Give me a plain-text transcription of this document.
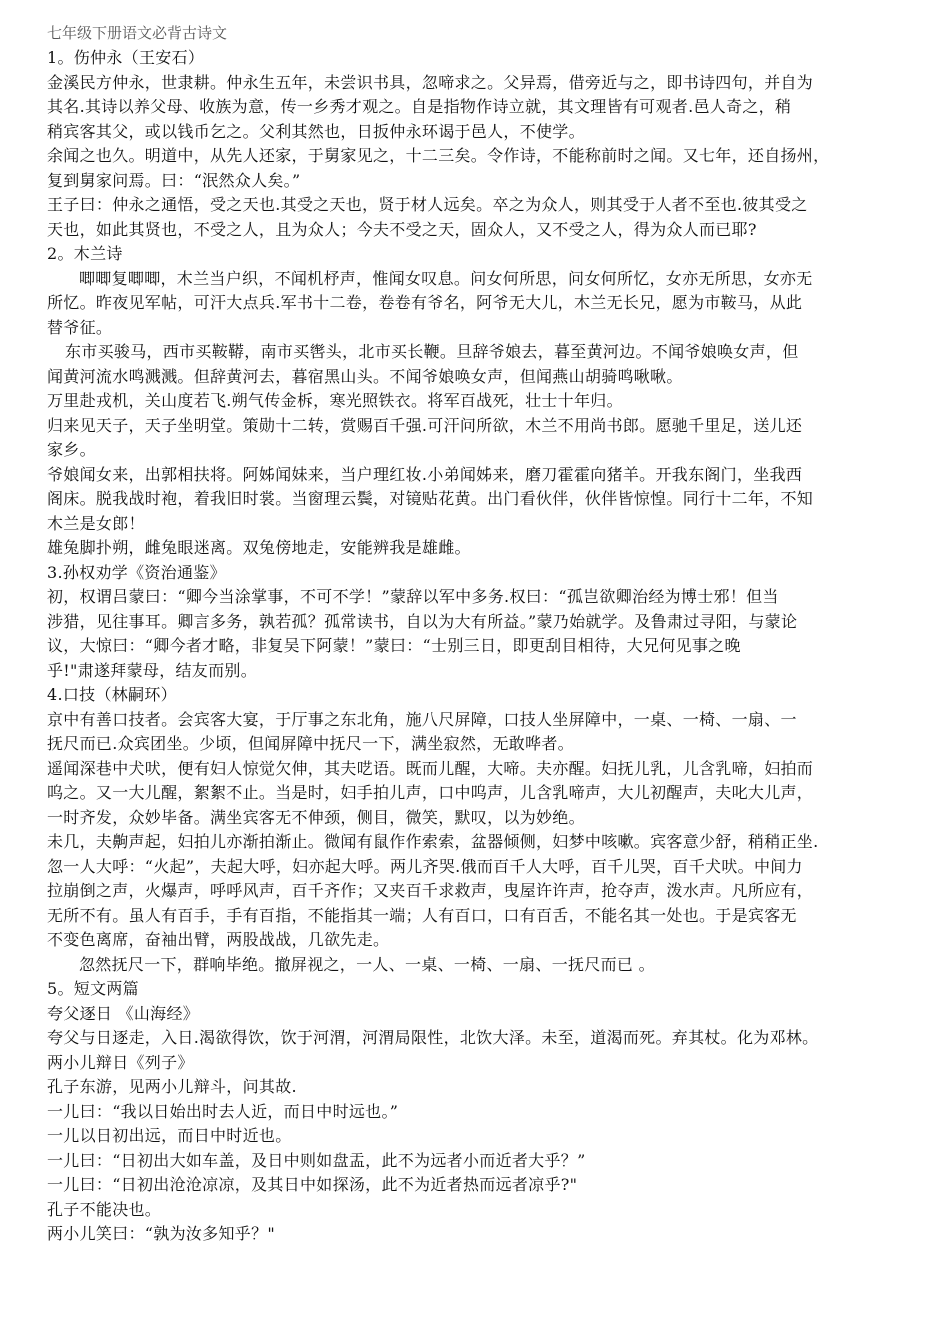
七年级下册语文必背古诗文

1。伤仲永（王安石）

金溪民方仲永，世隶耕。仲永生五年，未尝识书具，忽啼求之。父异焉，借旁近与之，即书诗四句，并自为

其名.其诗以养父母、收族为意，传一乡秀才观之。自是指物作诗立就，其文理皆有可观者.邑人奇之，稍

稍宾客其父，或以钱币乞之。父利其然也，日扳仲永环谒于邑人，不使学。

余闻之也久。明道中，从先人还家，于舅家见之，十二三矣。令作诗，不能称前时之闻。又七年，还自扬州，

复到舅家问焉。曰：“泯然众人矣。”

王子曰：仲永之通悟，受之天也.其受之天也，贤于材人远矣。卒之为众人，则其受于人者不至也.彼其受之

天也，如此其贤也，不受之人，且为众人；今夫不受之天，固众人，又不受之人，得为众人而已耶?

2。木兰诗

唧唧复唧唧，木兰当户织，不闻机杼声，惟闻女叹息。问女何所思，问女何所忆，女亦无所思，女亦无

所忆。昨夜见军帖，可汗大点兵.军书十二卷，卷卷有爷名，阿爷无大儿，木兰无长兄，愿为市鞍马，从此

替爷征。

东市买骏马，西市买鞍鞯，南市买辔头，北市买长鞭。旦辞爷娘去，暮至黄河边。不闻爷娘唤女声，但

闻黄河流水鸣溅溅。但辞黄河去，暮宿黑山头。不闻爷娘唤女声，但闻燕山胡骑鸣啾啾。

万里赴戎机，关山度若飞.朔气传金柝，寒光照铁衣。将军百战死，壮士十年归。

归来见天子，天子坐明堂。策勋十二转，赏赐百千强.可汗问所欲，木兰不用尚书郎。愿驰千里足，送儿还

家乡。

爷娘闻女来，出郭相扶将。阿姊闻妹来，当户理红妆.小弟闻姊来，磨刀霍霍向猪羊。开我东阁门，坐我西

阁床。脱我战时袍，着我旧时裳。当窗理云鬓，对镜贴花黄。出门看伙伴，伙伴皆惊惶。同行十二年，不知

木兰是女郎！

雄兔脚扑朔，雌兔眼迷离。双兔傍地走，安能辨我是雄雌。

3.孙权劝学《资治通鉴》

初，权谓吕蒙曰：“卿今当涂掌事，不可不学！”蒙辞以军中多务.权曰：“孤岂欲卿治经为博士邪！但当

涉猎，见往事耳。卿言多务，孰若孤？孤常读书，自以为大有所益。”蒙乃始就学。及鲁肃过寻阳，与蒙论

议，大惊曰：“卿今者才略，非复吴下阿蒙！”蒙曰：“士别三日，即更刮目相待，大兄何见事之晚

乎!"肃遂拜蒙母，结友而别。

4.口技（林嗣环）

京中有善口技者。会宾客大宴，于厅事之东北角，施八尺屏障，口技人坐屏障中，一桌、一椅、一扇、一

抚尺而已.众宾团坐。少顷，但闻屏障中抚尺一下，满坐寂然，无敢哗者。

遥闻深巷中犬吠，便有妇人惊觉欠伸，其夫呓语。既而儿醒，大啼。夫亦醒。妇抚儿乳，儿含乳啼，妇拍而

呜之。又一大儿醒，絮絮不止。当是时，妇手拍儿声，口中呜声，儿含乳啼声，大儿初醒声，夫叱大儿声，

一时齐发，众妙毕备。满坐宾客无不伸颈，侧目，微笑，默叹，以为妙绝。

未几，夫齁声起，妇拍儿亦渐拍渐止。微闻有鼠作作索索，盆器倾侧，妇梦中咳嗽。宾客意少舒，稍稍正坐.

忽一人大呼：“火起”，夫起大呼，妇亦起大呼。两儿齐哭.俄而百千人大呼，百千儿哭，百千犬吠。中间力

拉崩倒之声，火爆声，呼呼风声，百千齐作；又夹百千求救声，曳屋许许声，抢夺声，泼水声。凡所应有，

无所不有。虽人有百手，手有百指，不能指其一端；人有百口，口有百舌，不能名其一处也。于是宾客无

不变色离席，奋袖出臂，两股战战，几欲先走。

忽然抚尺一下，群响毕绝。撤屏视之，一人、一桌、一椅、一扇、一抚尺而已 。

5。短文两篇

夸父逐日 《山海经》

夸父与日逐走，入日.渴欲得饮，饮于河渭，河渭局限性，北饮大泽。未至，道渴而死。弃其杖。化为邓林。

两小儿辩日《列子》

孔子东游，见两小儿辩斗，问其故.

一儿曰：“我以日始出时去人近，而日中时远也。”

一儿以日初出远，而日中时近也。

一儿曰：“日初出大如车盖，及日中则如盘盂，此不为远者小而近者大乎？”

一儿曰：“日初出沧沧凉凉，及其日中如探汤，此不为近者热而远者凉乎?"

孔子不能决也。

两小儿笑曰：“孰为汝多知乎？"
